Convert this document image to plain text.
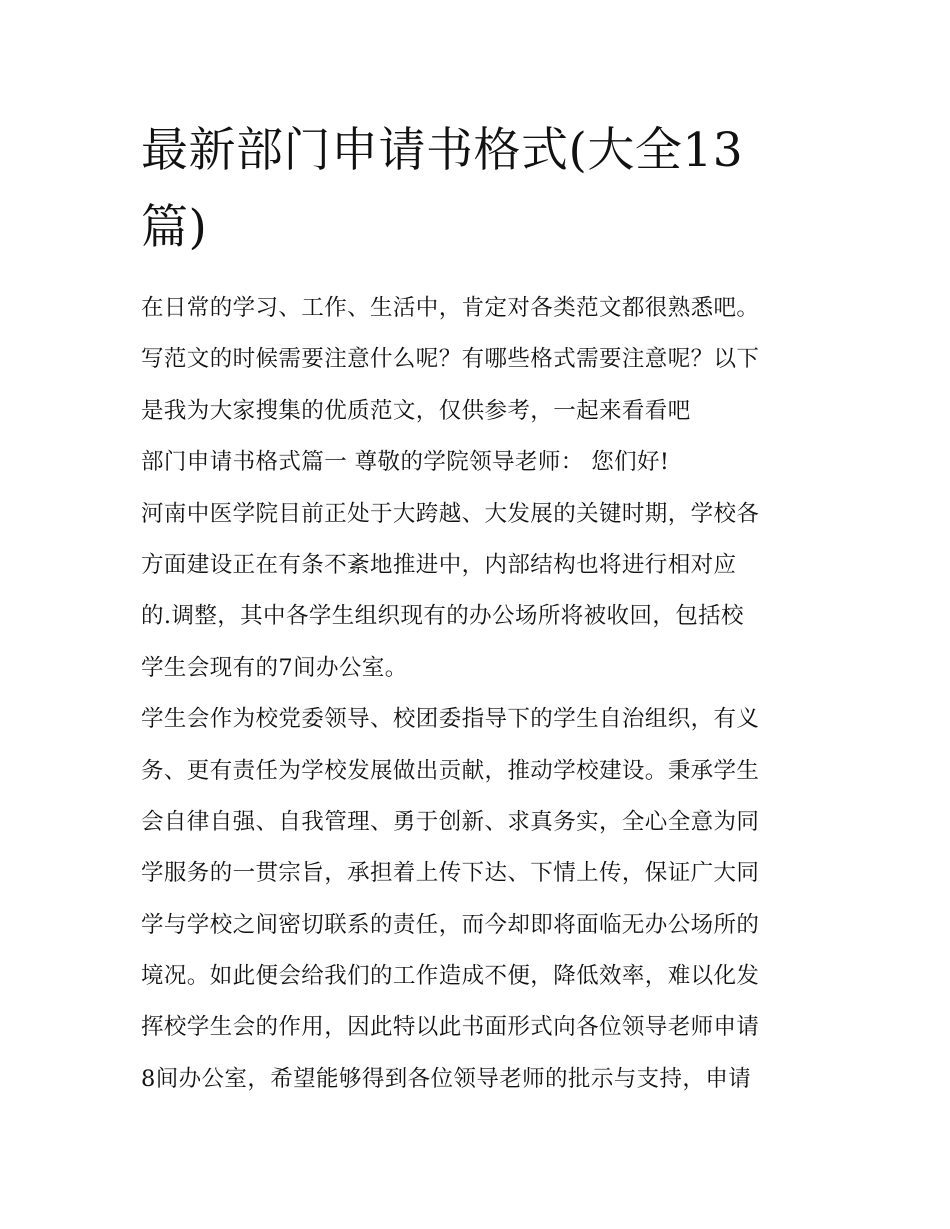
最新部门申请书格式(大全13
篇)
在日常的学习、工作、生活中，肯定对各类范文都很熟悉吧。
写范文的时候需要注意什么呢？有哪些格式需要注意呢？以下
是我为大家搜集的优质范文，仅供参考，一起来看看吧
部门申请书格式篇一 尊敬的学院领导老师： 您们好!
河南中医学院目前正处于大跨越、大发展的关键时期，学校各
方面建设正在有条不紊地推进中，内部结构也将进行相对应
的.调整，其中各学生组织现有的办公场所将被收回，包括校
学生会现有的7间办公室。
学生会作为校党委领导、校团委指导下的学生自治组织，有义
务、更有责任为学校发展做出贡献，推动学校建设。秉承学生
会自律自强、自我管理、勇于创新、求真务实，全心全意为同
学服务的一贯宗旨，承担着上传下达、下情上传，保证广大同
学与学校之间密切联系的责任，而今却即将面临无办公场所的
境况。如此便会给我们的工作造成不便，降低效率，难以化发
挥校学生会的作用，因此特以此书面形式向各位领导老师申请
8间办公室，希望能够得到各位领导老师的批示与支持，申请
